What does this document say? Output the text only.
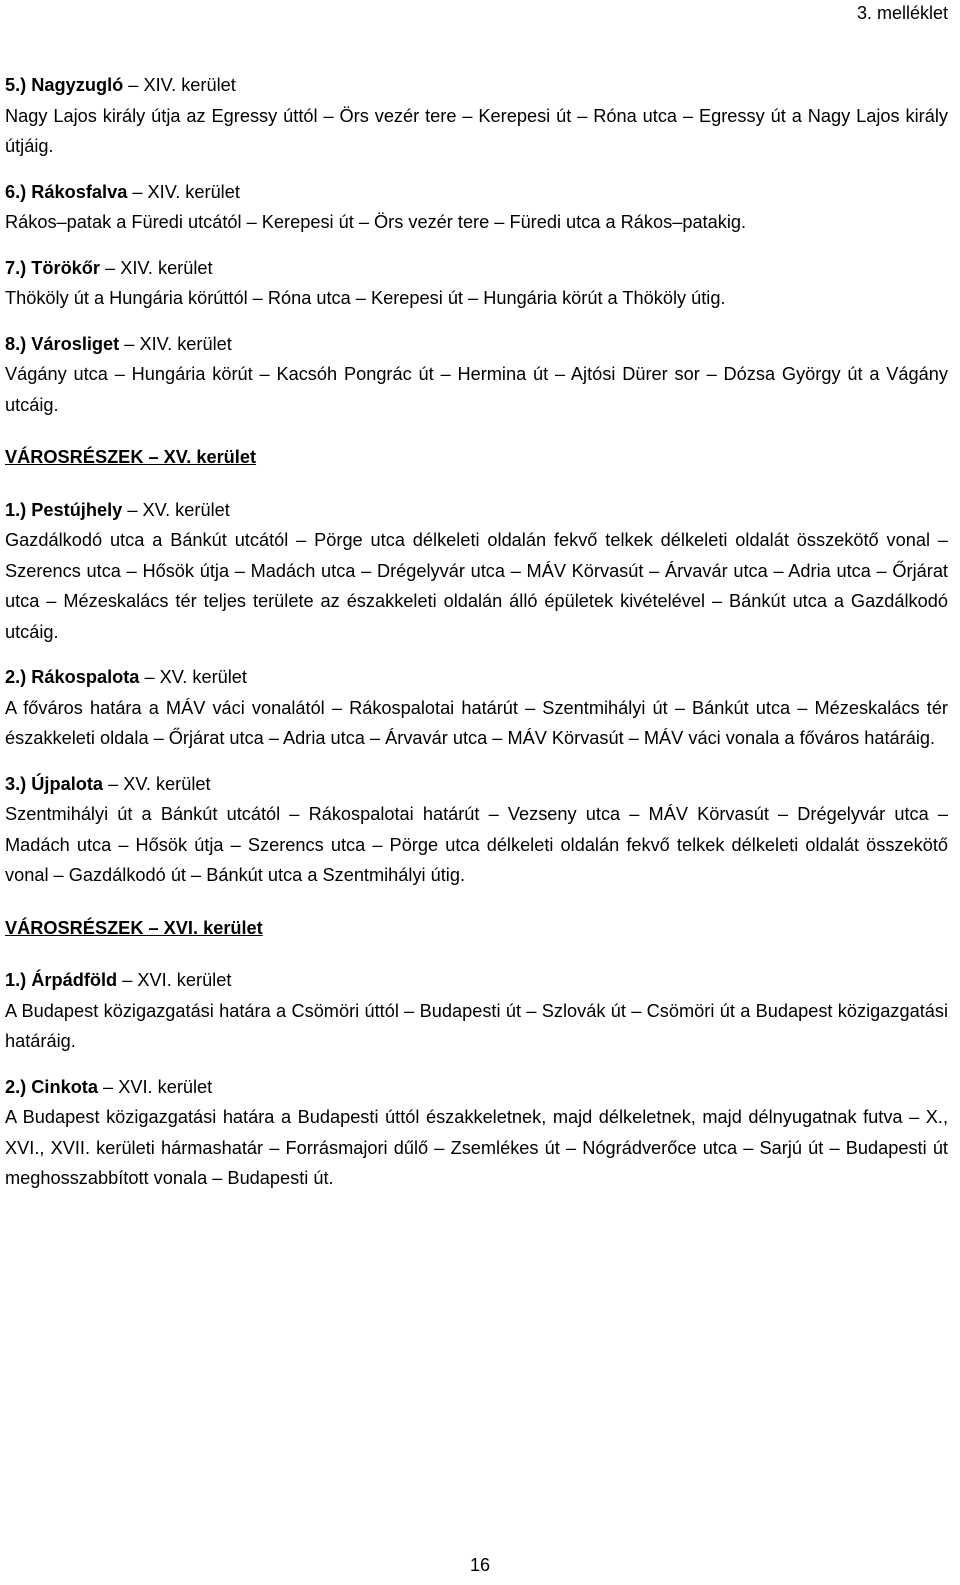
3. melléklet
5.) Nagyzugló – XIV. kerület
Nagy Lajos király útja az Egressy úttól – Örs vezér tere – Kerepesi út – Róna utca – Egressy út a Nagy Lajos király útjáig.
6.) Rákosfalva – XIV. kerület
Rákos–patak a Füredi utcától – Kerepesi út – Örs vezér tere – Füredi utca a Rákos–patakig.
7.) Törökőr – XIV. kerület
Thököly út a Hungária körúttól – Róna utca – Kerepesi út – Hungária körút a Thököly útig.
8.) Városliget – XIV. kerület
Vágány utca – Hungária körút – Kacsóh Pongrác út – Hermina út – Ajtósi Dürer sor – Dózsa György út a Vágány utcáig.
VÁROSRÉSZEK – XV. kerület
1.) Pestújhely – XV. kerület
Gazdálkodó utca a Bánkút utcától – Pörge utca délkeleti oldalán fekvő telkek délkeleti oldalát összekötő vonal – Szerencs utca – Hősök útja – Madách utca – Drégelyvár utca – MÁV Körvasút – Árvavár utca – Adria utca – Őrjárat utca – Mézeskalács tér teljes területe az északkeleti oldalán álló épületek kivételével – Bánkút utca a Gazdálkodó utcáig.
2.) Rákospalota – XV. kerület
A főváros határa a MÁV váci vonalától – Rákospalotai határút – Szentmihályi út – Bánkút utca – Mézeskalács tér északkeleti oldala – Őrjárat utca – Adria utca – Árvavár utca – MÁV Körvasút – MÁV váci vonala a főváros határáig.
3.) Újpalota – XV. kerület
Szentmihályi út a Bánkút utcától – Rákospalotai határút – Vezseny utca – MÁV Körvasút – Drégelyvár utca – Madách utca – Hősök útja – Szerencs utca – Pörge utca délkeleti oldalán fekvő telkek délkeleti oldalát összekötő vonal – Gazdálkodó út – Bánkút utca a Szentmihályi útig.
VÁROSRÉSZEK – XVI. kerület
1.) Árpádföld – XVI. kerület
A Budapest közigazgatási határa a Csömöri úttól – Budapesti út – Szlovák út – Csömöri út a Budapest közigazgatási határáig.
2.) Cinkota – XVI. kerület
A Budapest közigazgatási határa a Budapesti úttól északkeletnek, majd délkeletnek, majd délnyugatnak futva – X., XVI., XVII. kerületi hármashatár – Forrásmajori dűlő – Zsemlékes út – Nógrádverőce utca – Sarjú út – Budapesti út meghosszabbított vonala – Budapesti út.
16
